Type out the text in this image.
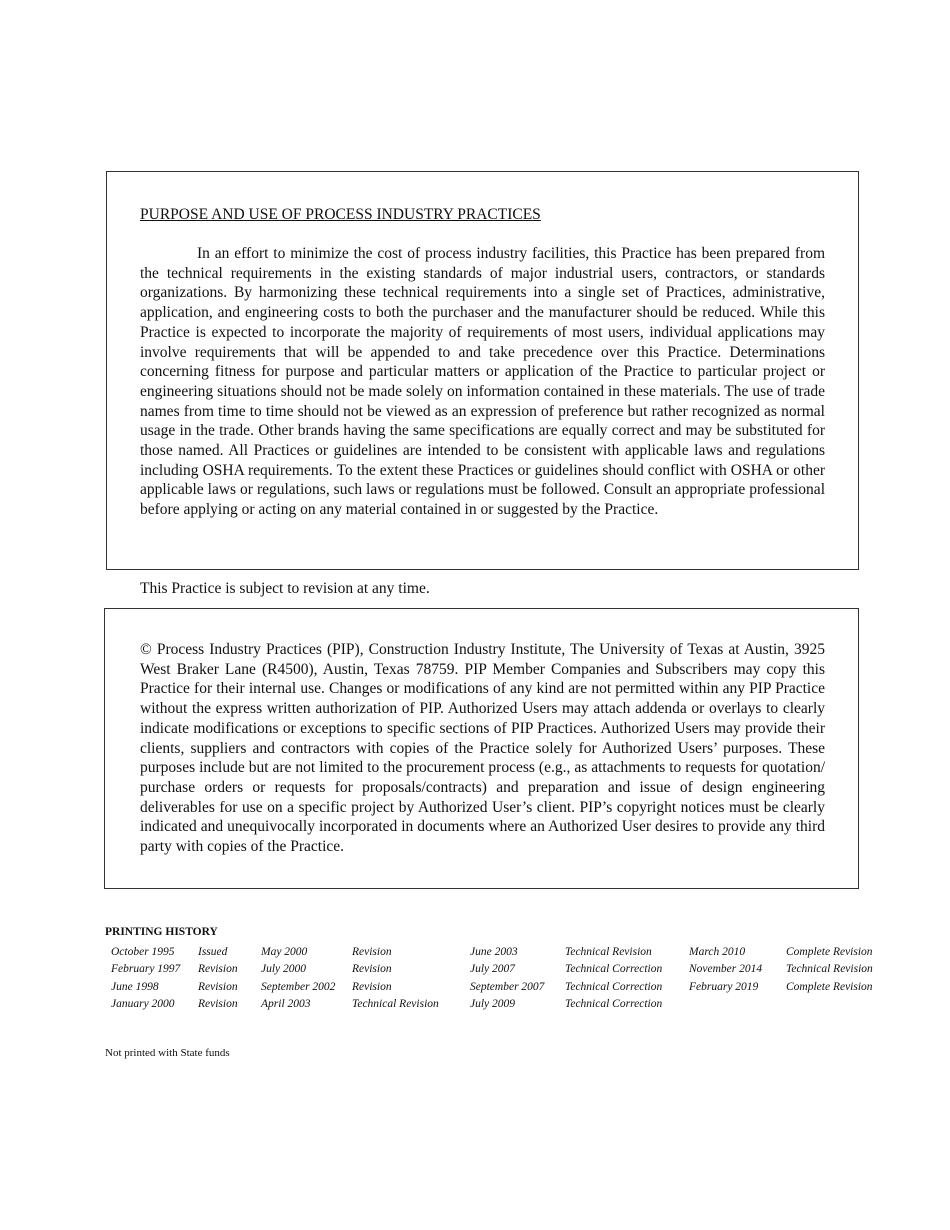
PURPOSE AND USE OF PROCESS INDUSTRY PRACTICES

In an effort to minimize the cost of process industry facilities, this Practice has been prepared from the technical requirements in the existing standards of major industrial users, contractors, or standards organizations. By harmonizing these technical requirements into a single set of Practices, administrative, application, and engineering costs to both the purchaser and the manufacturer should be reduced. While this Practice is expected to incorporate the majority of requirements of most users, individual applications may involve requirements that will be appended to and take precedence over this Practice. Determinations concerning fitness for purpose and particular matters or application of the Practice to particular project or engineering situations should not be made solely on information contained in these materials. The use of trade names from time to time should not be viewed as an expression of preference but rather recognized as normal usage in the trade. Other brands having the same specifications are equally correct and may be substituted for those named. All Practices or guidelines are intended to be consistent with applicable laws and regulations including OSHA requirements. To the extent these Practices or guidelines should conflict with OSHA or other applicable laws or regulations, such laws or regulations must be followed. Consult an appropriate professional before applying or acting on any material contained in or suggested by the Practice.

This Practice is subject to revision at any time.

© Process Industry Practices (PIP), Construction Industry Institute, The University of Texas at Austin, 3925 West Braker Lane (R4500), Austin, Texas 78759. PIP Member Companies and Subscribers may copy this Practice for their internal use. Changes or modifications of any kind are not permitted within any PIP Practice without the express written authorization of PIP. Authorized Users may attach addenda or overlays to clearly indicate modifications or exceptions to specific sections of PIP Practices. Authorized Users may provide their clients, suppliers and contractors with copies of the Practice solely for Authorized Users’ purposes. These purposes include but are not limited to the procurement process (e.g., as attachments to requests for quotation/ purchase orders or requests for proposals/contracts) and preparation and issue of design engineering deliverables for use on a specific project by Authorized User’s client. PIP’s copyright notices must be clearly indicated and unequivocally incorporated in documents where an Authorized User desires to provide any third party with copies of the Practice.

PRINTING HISTORY

October 1995	Issued	May 2000	Revision	June 2003	Technical Revision	March 2010	Complete Revision
February 1997	Revision	July 2000	Revision	July 2007	Technical Correction	November 2014	Technical Revision
June 1998	Revision	September 2002	Revision	September 2007	Technical Correction	February 2019	Complete Revision
January 2000	Revision	April 2003	Technical Revision	July 2009	Technical Correction		

Not printed with State funds
